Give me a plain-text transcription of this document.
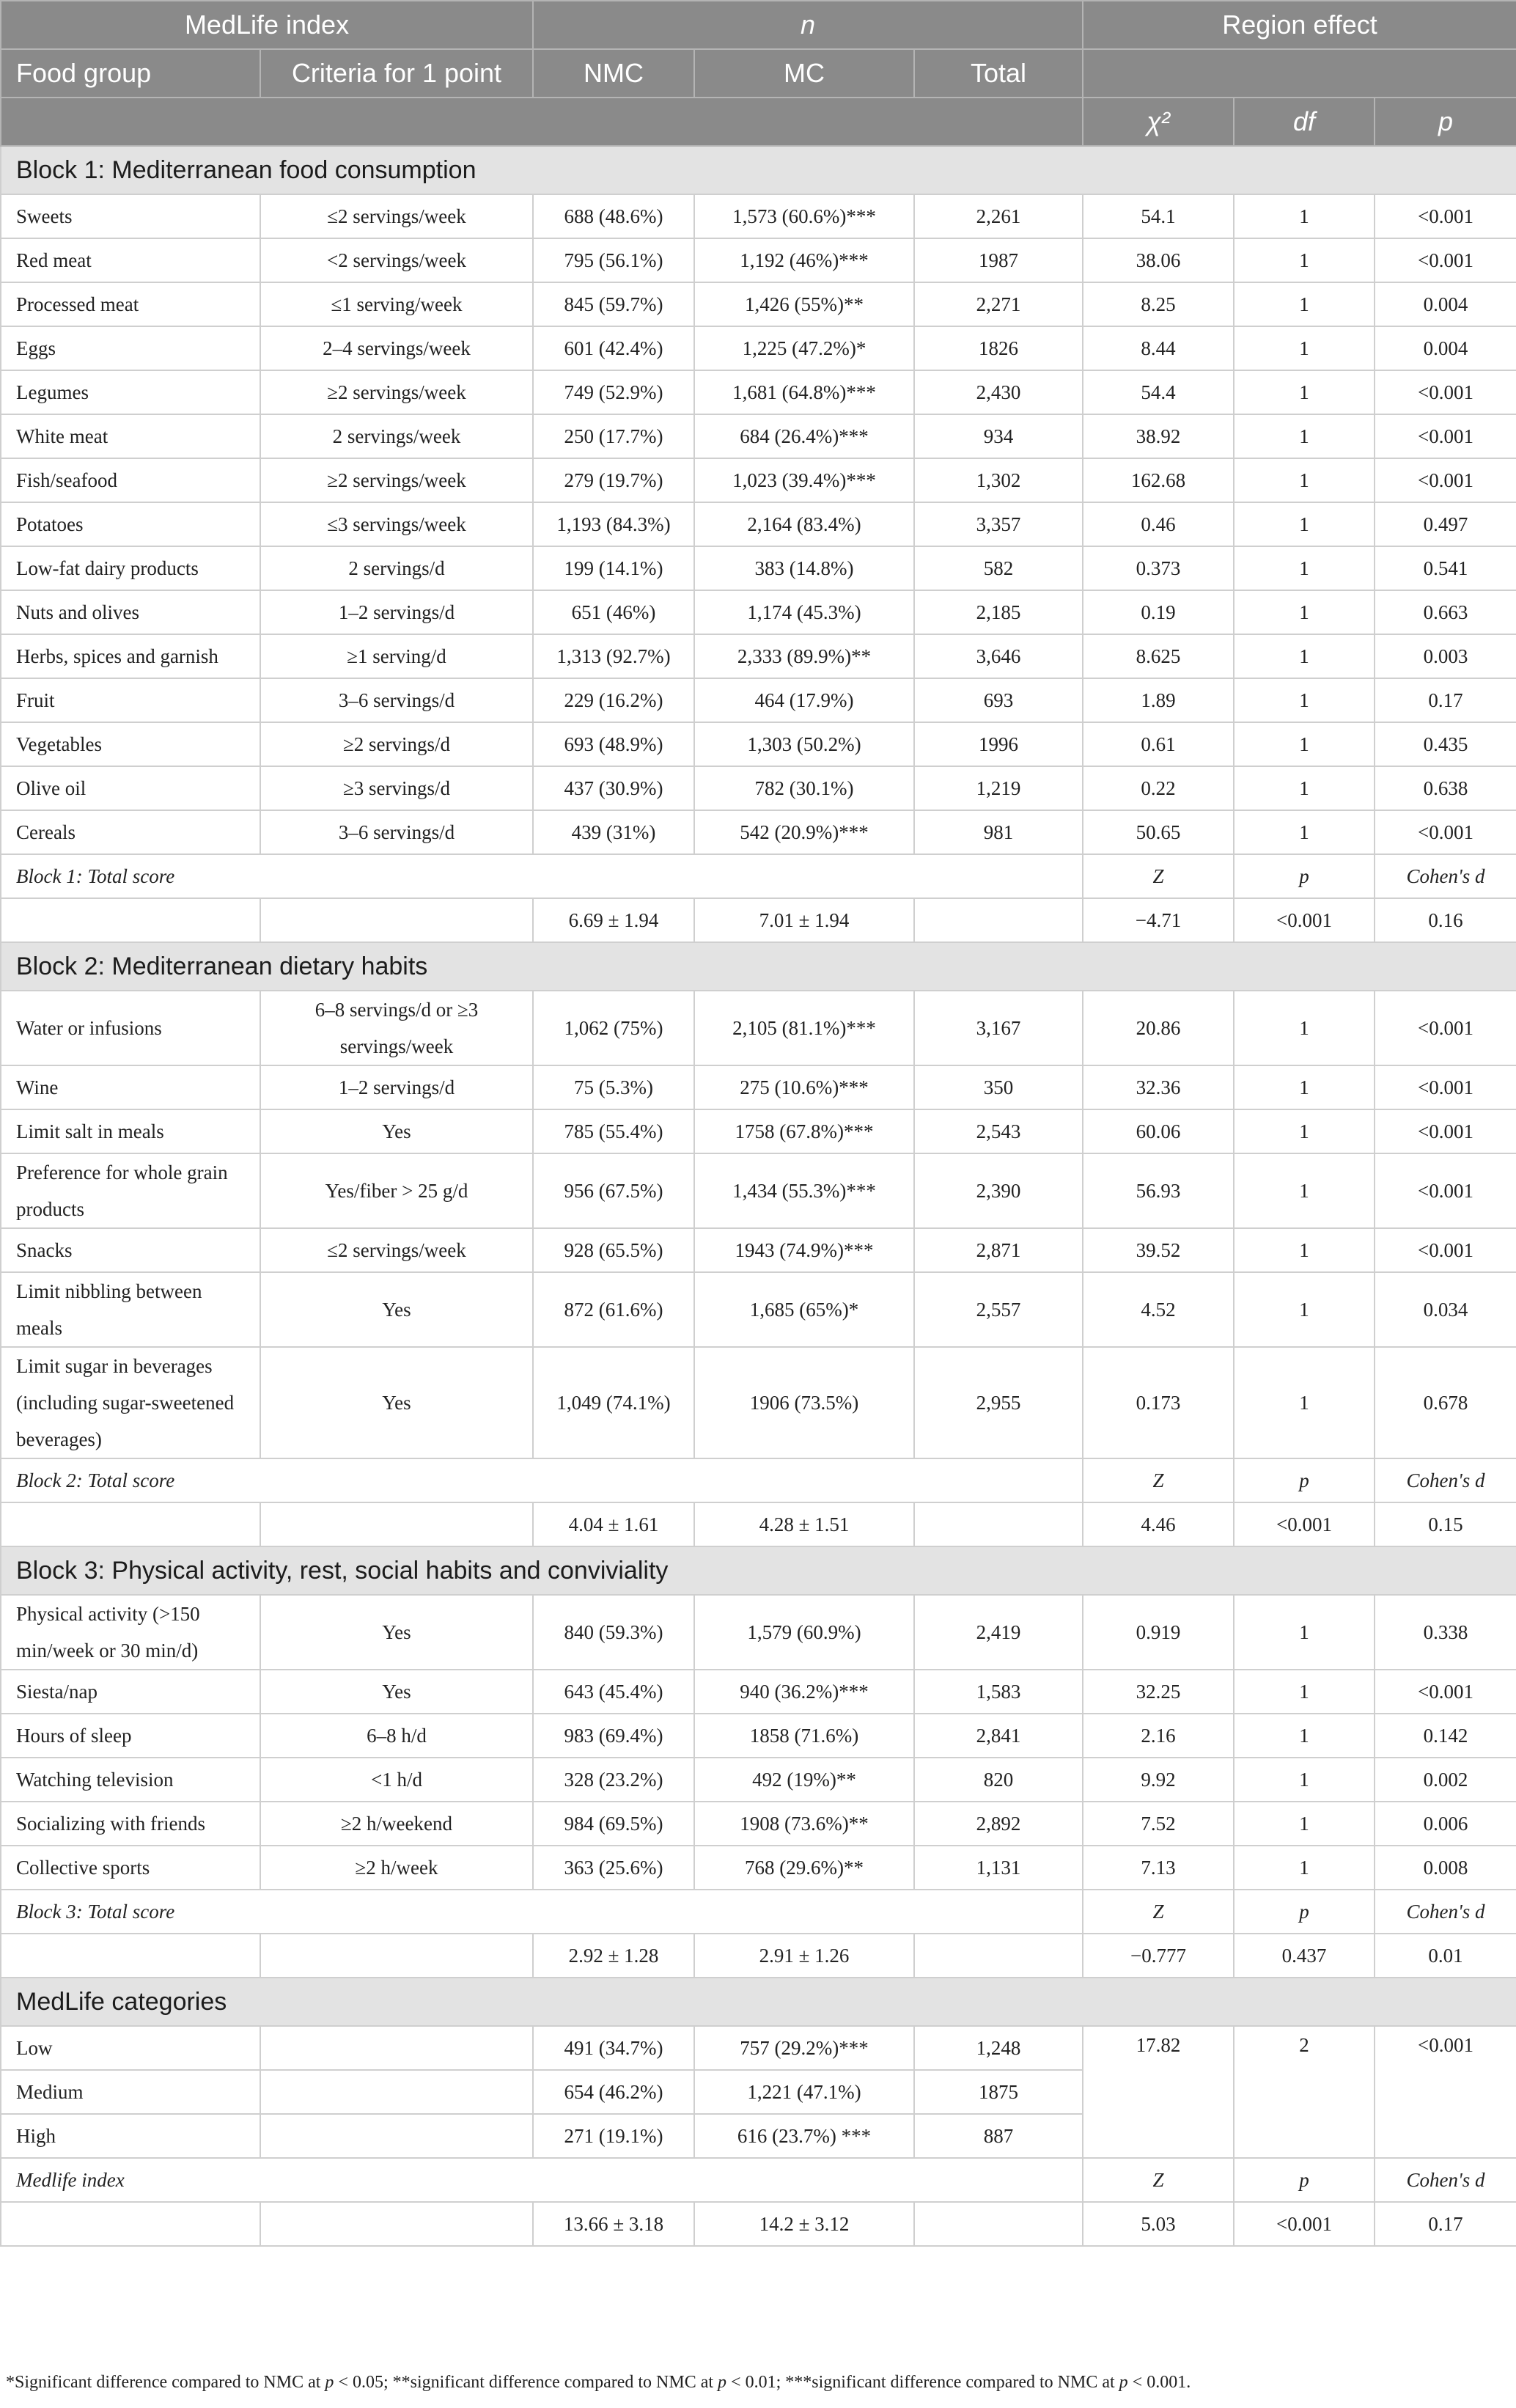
MedLife index		n			Region effect		
Food group	Criteria for 1 point	NMC	MC	Total			
					χ²	df	p
Block 1: Mediterranean food consumption							
Sweets	≤2 servings/week	688 (48.6%)	1,573 (60.6%)***	2,261	54.1	1	<0.001
Red meat	<2 servings/week	795 (56.1%)	1,192 (46%)***	1987	38.06	1	<0.001
Processed meat	≤1 serving/week	845 (59.7%)	1,426 (55%)**	2,271	8.25	1	0.004
Eggs	2–4 servings/week	601 (42.4%)	1,225 (47.2%)*	1826	8.44	1	0.004
Legumes	≥2 servings/week	749 (52.9%)	1,681 (64.8%)***	2,430	54.4	1	<0.001
White meat	2 servings/week	250 (17.7%)	684 (26.4%)***	934	38.92	1	<0.001
Fish/seafood	≥2 servings/week	279 (19.7%)	1,023 (39.4%)***	1,302	162.68	1	<0.001
Potatoes	≤3 servings/week	1,193 (84.3%)	2,164 (83.4%)	3,357	0.46	1	0.497
Low-fat dairy products	2 servings/d	199 (14.1%)	383 (14.8%)	582	0.373	1	0.541
Nuts and olives	1–2 servings/d	651 (46%)	1,174 (45.3%)	2,185	0.19	1	0.663
Herbs, spices and garnish	≥1 serving/d	1,313 (92.7%)	2,333 (89.9%)**	3,646	8.625	1	0.003
Fruit	3–6 servings/d	229 (16.2%)	464 (17.9%)	693	1.89	1	0.17
Vegetables	≥2 servings/d	693 (48.9%)	1,303 (50.2%)	1996	0.61	1	0.435
Olive oil	≥3 servings/d	437 (30.9%)	782 (30.1%)	1,219	0.22	1	0.638
Cereals	3–6 servings/d	439 (31%)	542 (20.9%)***	981	50.65	1	<0.001
Block 1: Total score					Z	p	Cohen's d
		6.69 ± 1.94	7.01 ± 1.94		−4.71	<0.001	0.16
Block 2: Mediterranean dietary habits							
Water or infusions	6–8 servings/d or ≥3 servings/week	1,062 (75%)	2,105 (81.1%)***	3,167	20.86	1	<0.001
Wine	1–2 servings/d	75 (5.3%)	275 (10.6%)***	350	32.36	1	<0.001
Limit salt in meals	Yes	785 (55.4%)	1758 (67.8%)***	2,543	60.06	1	<0.001
Preference for whole grain products	Yes/fiber > 25 g/d	956 (67.5%)	1,434 (55.3%)***	2,390	56.93	1	<0.001
Snacks	≤2 servings/week	928 (65.5%)	1943 (74.9%)***	2,871	39.52	1	<0.001
Limit nibbling between meals	Yes	872 (61.6%)	1,685 (65%)*	2,557	4.52	1	0.034
Limit sugar in beverages (including sugar-sweetened beverages)	Yes	1,049 (74.1%)	1906 (73.5%)	2,955	0.173	1	0.678
Block 2: Total score					Z	p	Cohen's d
		4.04 ± 1.61	4.28 ± 1.51		4.46	<0.001	0.15
Block 3: Physical activity, rest, social habits and conviviality							
Physical activity (>150 min/week or 30 min/d)	Yes	840 (59.3%)	1,579 (60.9%)	2,419	0.919	1	0.338
Siesta/nap	Yes	643 (45.4%)	940 (36.2%)***	1,583	32.25	1	<0.001
Hours of sleep	6–8 h/d	983 (69.4%)	1858 (71.6%)	2,841	2.16	1	0.142
Watching television	<1 h/d	328 (23.2%)	492 (19%)**	820	9.92	1	0.002
Socializing with friends	≥2 h/weekend	984 (69.5%)	1908 (73.6%)**	2,892	7.52	1	0.006
Collective sports	≥2 h/week	363 (25.6%)	768 (29.6%)**	1,131	7.13	1	0.008
Block 3: Total score					Z	p	Cohen's d
		2.92 ± 1.28	2.91 ± 1.26		−0.777	0.437	0.01
MedLife categories							
Low		491 (34.7%)	757 (29.2%)***	1,248	17.82	2	<0.001
Medium		654 (46.2%)	1,221 (47.1%)	1875			
High		271 (19.1%)	616 (23.7%) ***	887			
Medlife index					Z	p	Cohen's d
		13.66 ± 3.18	14.2 ± 3.12		5.03	<0.001	0.17
*Significant difference compared to NMC at p < 0.05; **significant difference compared to NMC at p < 0.01; ***significant difference compared to NMC at p < 0.001.
